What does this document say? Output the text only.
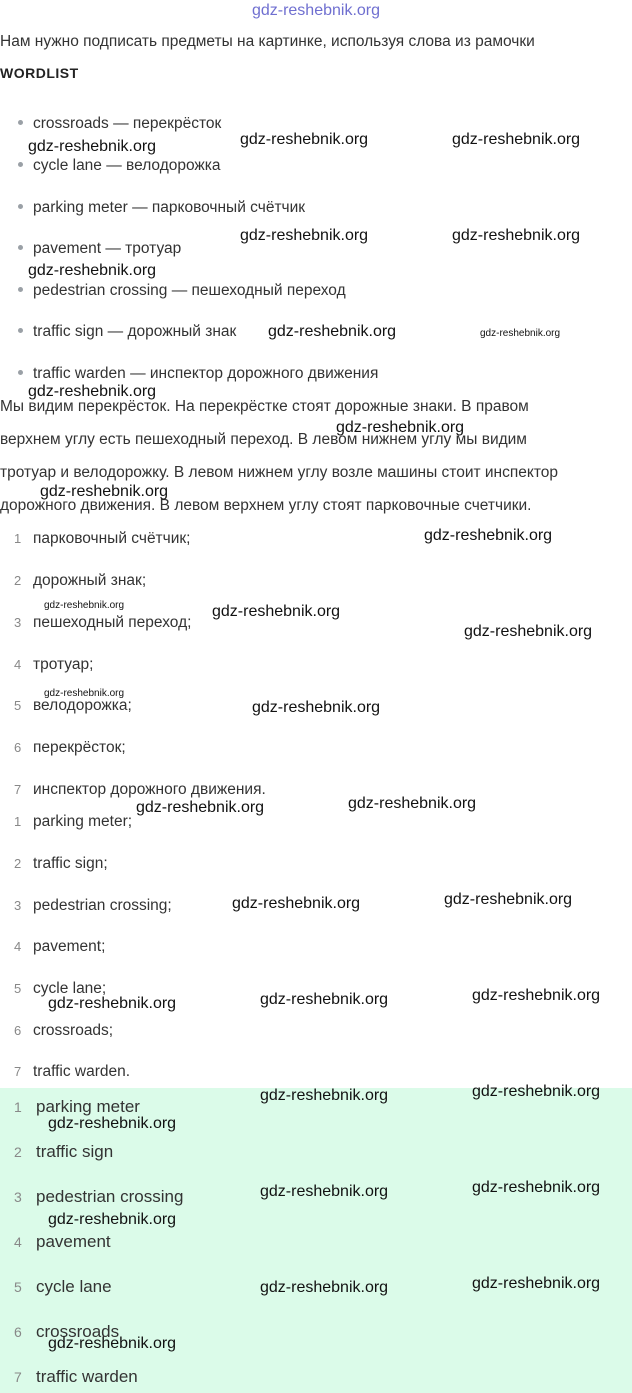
gdz-reshebnik.org
Нам нужно подписать предметы на картинке, используя слова из рамочки
WORDLIST
crossroads — перекрёсток
cycle lane — велодорожка
parking meter — парковочный счётчик
pavement — тротуар
pedestrian crossing — пешеходный переход
traffic sign — дорожный знак
traffic warden — инспектор дорожного движения
Мы видим перекрёсток. На перекрёстке стоят дорожные знаки. В правом
верхнем углу есть пешеходный переход. В левом нижнем углу мы видим
тротуар и велодорожку. В левом нижнем углу возле машины стоит инспектор
дорожного движения. В левом верхнем углу стоят парковочные счетчики.
1 парковочный счётчик;
2 дорожный знак;
3 пешеходный переход;
4 тротуар;
5 велодорожка;
6 перекрёсток;
7 инспектор дорожного движения.
1 parking meter;
2 traffic sign;
3 pedestrian crossing;
4 pavement;
5 cycle lane;
6 crossroads;
7 traffic warden.
1 parking meter
2 traffic sign
3 pedestrian crossing
4 pavement
5 cycle lane
6 crossroads
7 traffic warden
gdz-reshebnik.org	gdz-reshebnik.org	gdz-reshebnik.org
gdz-reshebnik.org	gdz-reshebnik.org
gdz-reshebnik.org
gdz-reshebnik.org	gdz-reshebnik.org
gdz-reshebnik.org
gdz-reshebnik.org
gdz-reshebnik.org
gdz-reshebnik.org
gdz-reshebnik.org	gdz-reshebnik.org
gdz-reshebnik.org
gdz-reshebnik.org
gdz-reshebnik.org
gdz-reshebnik.org
gdz-reshebnik.org
gdz-reshebnik.org
gdz-reshebnik.org
gdz-reshebnik.org
gdz-reshebnik.org
gdz-reshebnik.org
gdz-reshebnik.org
gdz-reshebnik.org
gdz-reshebnik.org
gdz-reshebnik.org
gdz-reshebnik.org
gdz-reshebnik.org
gdz-reshebnik.org
gdz-reshebnik.org
gdz-reshebnik.org
